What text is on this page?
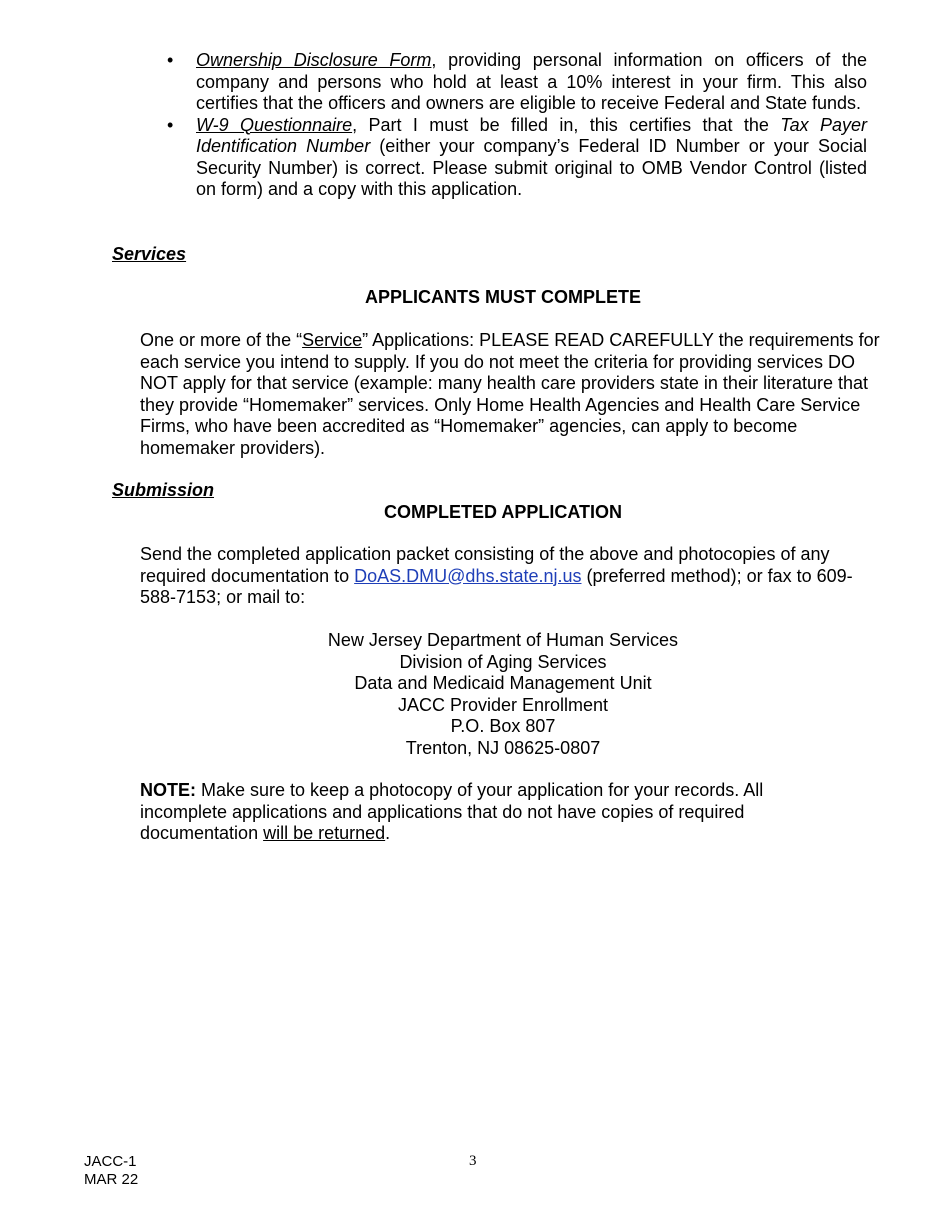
• Ownership Disclosure Form, providing personal information on officers of the company and persons who hold at least a 10% interest in your firm. This also certifies that the officers and owners are eligible to receive Federal and State funds.
• W-9 Questionnaire, Part I must be filled in, this certifies that the Tax Payer Identification Number (either your company’s Federal ID Number or your Social Security Number) is correct. Please submit original to OMB Vendor Control (listed on form) and a copy with this application.
Services
APPLICANTS MUST COMPLETE
One or more of the “Service” Applications: PLEASE READ CAREFULLY the requirements for each service you intend to supply. If you do not meet the criteria for providing services DO NOT apply for that service (example: many health care providers state in their literature that they provide “Homemaker” services. Only Home Health Agencies and Health Care Service Firms, who have been accredited as “Homemaker” agencies, can apply to become homemaker providers).
Submission
COMPLETED APPLICATION
Send the completed application packet consisting of the above and photocopies of any required documentation to DoAS.DMU@dhs.state.nj.us (preferred method); or fax to 609-588-7153; or mail to:
New Jersey Department of Human Services
Division of Aging Services
Data and Medicaid Management Unit
JACC Provider Enrollment
P.O. Box 807
Trenton, NJ 08625-0807
NOTE: Make sure to keep a photocopy of your application for your records. All incomplete applications and applications that do not have copies of required documentation will be returned.
JACC-1
MAR 22
3
